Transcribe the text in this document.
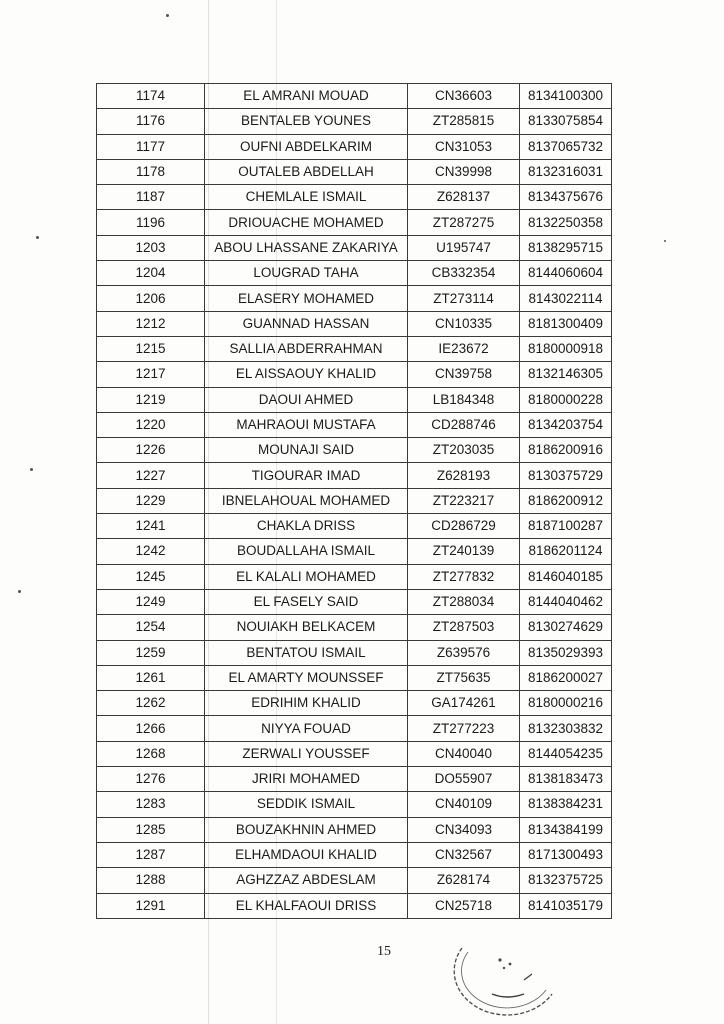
1174	EL AMRANI MOUAD	CN36603	8134100300
1176	BENTALEB YOUNES	ZT285815	8133075854
1177	OUFNI ABDELKARIM	CN31053	8137065732
1178	OUTALEB ABDELLAH	CN39998	8132316031
1187	CHEMLALE ISMAIL	Z628137	8134375676
1196	DRIOUACHE MOHAMED	ZT287275	8132250358
1203	ABOU LHASSANE ZAKARIYA	U195747	8138295715
1204	LOUGRAD TAHA	CB332354	8144060604
1206	ELASERY MOHAMED	ZT273114	8143022114
1212	GUANNAD HASSAN	CN10335	8181300409
1215	SALLIA ABDERRAHMAN	IE23672	8180000918
1217	EL AISSAOUY KHALID	CN39758	8132146305
1219	DAOUI AHMED	LB184348	8180000228
1220	MAHRAOUI MUSTAFA	CD288746	8134203754
1226	MOUNAJI SAID	ZT203035	8186200916
1227	TIGOURAR IMAD	Z628193	8130375729
1229	IBNELAHOUAL MOHAMED	ZT223217	8186200912
1241	CHAKLA DRISS	CD286729	8187100287
1242	BOUDALLAHA ISMAIL	ZT240139	8186201124
1245	EL KALALI MOHAMED	ZT277832	8146040185
1249	EL FASELY SAID	ZT288034	8144040462
1254	NOUIAKH BELKACEM	ZT287503	8130274629
1259	BENTATOU ISMAIL	Z639576	8135029393
1261	EL AMARTY MOUNSSEF	ZT75635	8186200027
1262	EDRIHIM KHALID	GA174261	8180000216
1266	NIYYA FOUAD	ZT277223	8132303832
1268	ZERWALI YOUSSEF	CN40040	8144054235
1276	JRIRI MOHAMED	DO55907	8138183473
1283	SEDDIK ISMAIL	CN40109	8138384231
1285	BOUZAKHNIN AHMED	CN34093	8134384199
1287	ELHAMDAOUI KHALID	CN32567	8171300493
1288	AGHZZAZ ABDESLAM	Z628174	8132375725
1291	EL KHALFAOUI DRISS	CN25718	8141035179
15
